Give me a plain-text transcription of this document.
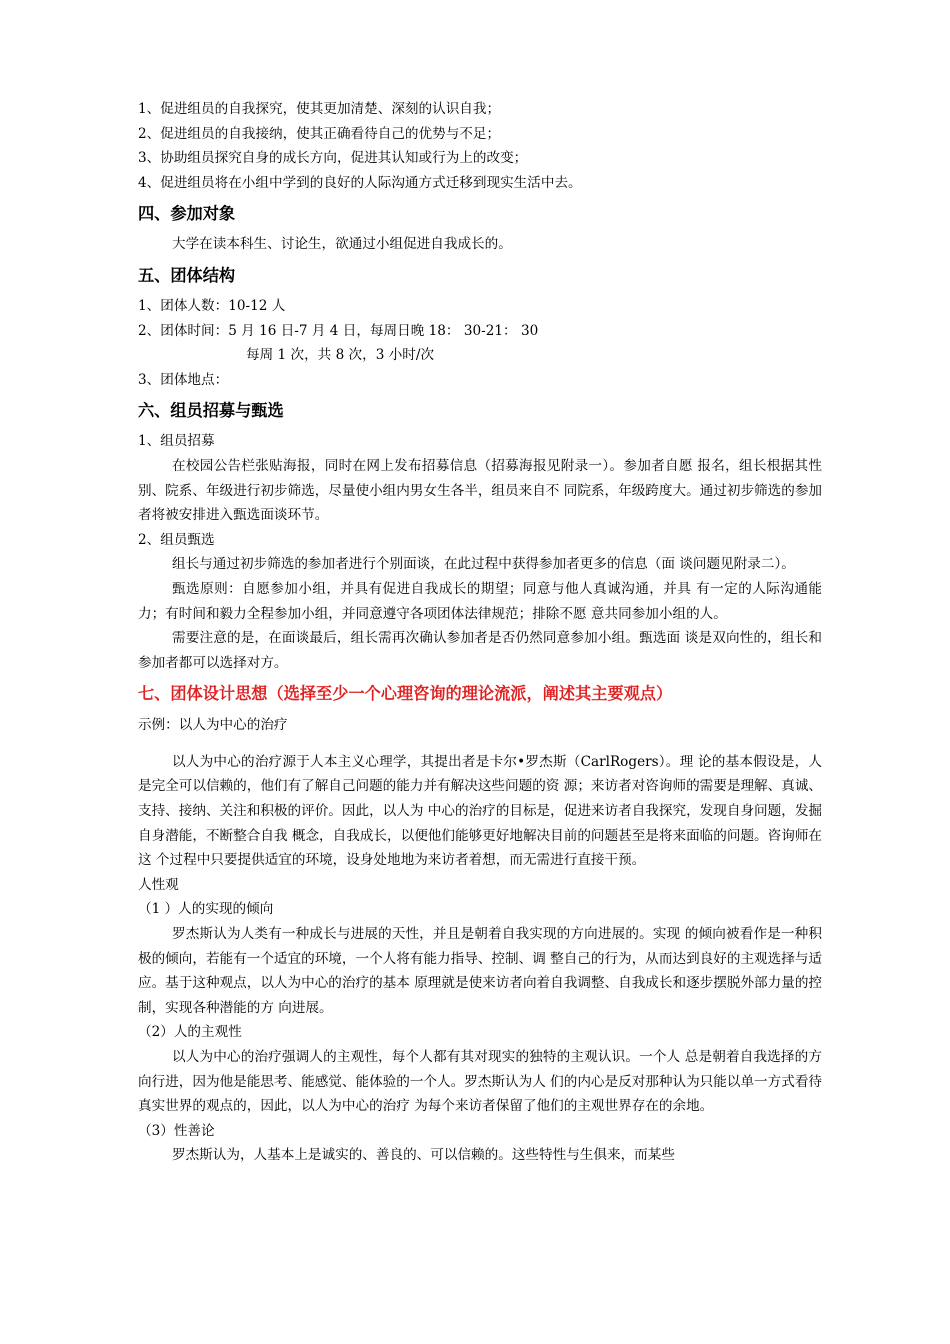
1、促进组员的自我探究，使其更加清楚、深刻的认识自我；

2、促进组员的自我接纳，使其正确看待自己的优势与不足；

3、协助组员探究自身的成长方向，促进其认知或行为上的改变；

4、促进组员将在小组中学到的良好的人际沟通方式迁移到现实生活中去。

四、参加对象

大学在读本科生、讨论生，欲通过小组促进自我成长的。

五、团体结构

1、团体人数：10-12 人

2、团体时间：5 月 16 日-7 月 4 日，每周日晚 18： 30-21： 30

每周 1 次，共 8 次，3 小时/次

3、团体地点：

六、组员招募与甄选

1、组员招募

在校园公告栏张贴海报，同时在网上发布招募信息（招募海报见附录一）。参加者自愿 报名，组长根据其性别、院系、年级进行初步筛选，尽量使小组内男女生各半，组员来自不 同院系，年级跨度大。通过初步筛选的参加者将被安排进入甄选面谈环节。

2、组员甄选

组长与通过初步筛选的参加者进行个别面谈，在此过程中获得参加者更多的信息（面 谈问题见附录二）。

甄选原则：自愿参加小组，并具有促进自我成长的期望；同意与他人真诚沟通，并具 有一定的人际沟通能力；有时间和毅力全程参加小组，并同意遵守各项团体法律规范；排除不愿 意共同参加小组的人。

需要注意的是，在面谈最后，组长需再次确认参加者是否仍然同意参加小组。甄选面 谈是双向性的，组长和参加者都可以选择对方。

七、团体设计思想（选择至少一个心理咨询的理论流派，阐述其主要观点）

示例：以人为中心的治疗

以人为中心的治疗源于人本主义心理学，其提出者是卡尔•罗杰斯（CarlRogers）。理 论的基本假设是，人是完全可以信赖的，他们有了解自己问题的能力并有解决这些问题的资 源；来访者对咨询师的需要是理解、真诚、支持、接纳、关注和积极的评价。因此，以人为 中心的治疗的目标是，促进来访者自我探究，发现自身问题，发掘自身潜能，不断整合自我 概念，自我成长，以便他们能够更好地解决目前的问题甚至是将来面临的问题。咨询师在这 个过程中只要提供适宜的环境，设身处地地为来访者着想，而无需进行直接干预。

人性观

（1 ）人的实现的倾向

罗杰斯认为人类有一种成长与进展的天性，并且是朝着自我实现的方向进展的。实现 的倾向被看作是一种积极的倾向，若能有一个适宜的环境，一个人将有能力指导、控制、调 整自己的行为，从而达到良好的主观选择与适应。基于这种观点，以人为中心的治疗的基本 原理就是使来访者向着自我调整、自我成长和逐步摆脱外部力量的控制，实现各种潜能的方 向进展。

（2）人的主观性

以人为中心的治疗强调人的主观性，每个人都有其对现实的独特的主观认识。一个人 总是朝着自我选择的方向行进，因为他是能思考、能感觉、能体验的一个人。罗杰斯认为人 们的内心是反对那种认为只能以单一方式看待真实世界的观点的，因此，以人为中心的治疗 为每个来访者保留了他们的主观世界存在的余地。

（3）性善论

罗杰斯认为，人基本上是诚实的、善良的、可以信赖的。这些特性与生俱来，而某些
